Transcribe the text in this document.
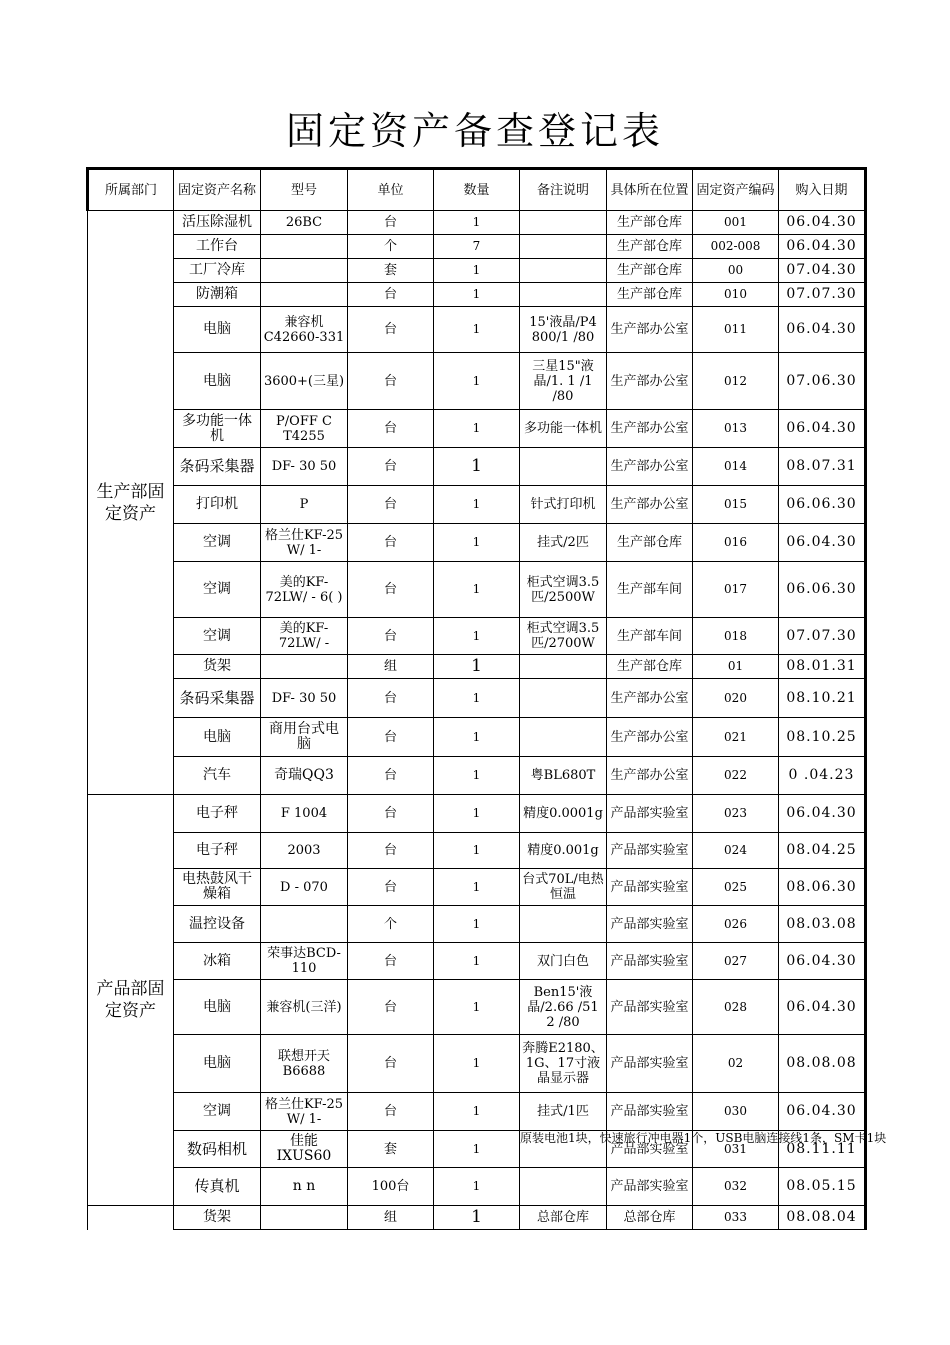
固定资产备查登记表
所属部门	固定资产名称	型号	单位	数量	备注说明	具体所在位置	固定资产编码	购入日期
生产部固定资产	活压除湿机	26BC	台	1		生产部仓库	001	06.04.30
	工作台		个	7		生产部仓库	002-008	06.04.30
	工厂冷库		套	1		生产部仓库	00	07.04.30
	防潮箱		台	1		生产部仓库	010	07.07.30
	电脑	兼容机C42660-331	台	1	15'液晶/P4 800/1 /80	生产部办公室	011	06.04.30
	电脑	3600+(三星)	台	1	三星15"液晶/1. 1 /1 /80	生产部办公室	012	07.06.30
	多功能一体机	P/OFF C T4255	台	1	多功能一体机	生产部办公室	013	06.04.30
	条码采集器	DF- 30 50	台	1		生产部办公室	014	08.07.31
	打印机	P	台	1	针式打印机	生产部办公室	015	06.06.30
	空调	格兰仕KF-25 W/ 1-	台	1	挂式/2匹	生产部仓库	016	06.04.30
	空调	美的KF-72LW/ - 6( )	台	1	柜式空调3.5匹/2500W	生产部车间	017	06.06.30
	空调	美的KF-72LW/ -	台	1	柜式空调3.5匹/2700W	生产部车间	018	07.07.30
	货架		组	1		生产部仓库	01	08.01.31
	条码采集器	DF- 30 50	台	1		生产部办公室	020	08.10.21
	电脑	商用台式电脑	台	1		生产部办公室	021	08.10.25
	汽车	奇瑞QQ3	台	1	粤BL680T	生产部办公室	022	0 .04.23
产品部固定资产	电子秤	F 1004	台	1	精度0.0001g	产品部实验室	023	06.04.30
	电子秤	2003	台	1	精度0.001g	产品部实验室	024	08.04.25
	电热鼓风干燥箱	D - 070	台	1	台式70L/电热恒温	产品部实验室	025	08.06.30
	温控设备		个	1		产品部实验室	026	08.03.08
	冰箱	荣事达BCD-110	台	1	双门白色	产品部实验室	027	06.04.30
	电脑	兼容机(三洋)	台	1	Ben15'液晶/2.66 /51 2 /80	产品部实验室	028	06.04.30
	电脑	联想开天B6688	台	1	奔腾E2180、1G、17寸液晶显示器	产品部实验室	02	08.08.08
	空调	格兰仕KF-25 W/ 1-	台	1	挂式/1匹	产品部实验室	030	06.04.30
	数码相机	佳能IXUS60	套	1		产品部实验室	031	08.11.11
	传真机	n n	100台	1		产品部实验室	032	08.05.15
	货架		组	1	总部仓库	总部仓库	033	08.08.04
原装电池1块，快速旅行冲电器1个，USB电脑连接线1条，SM卡1块
